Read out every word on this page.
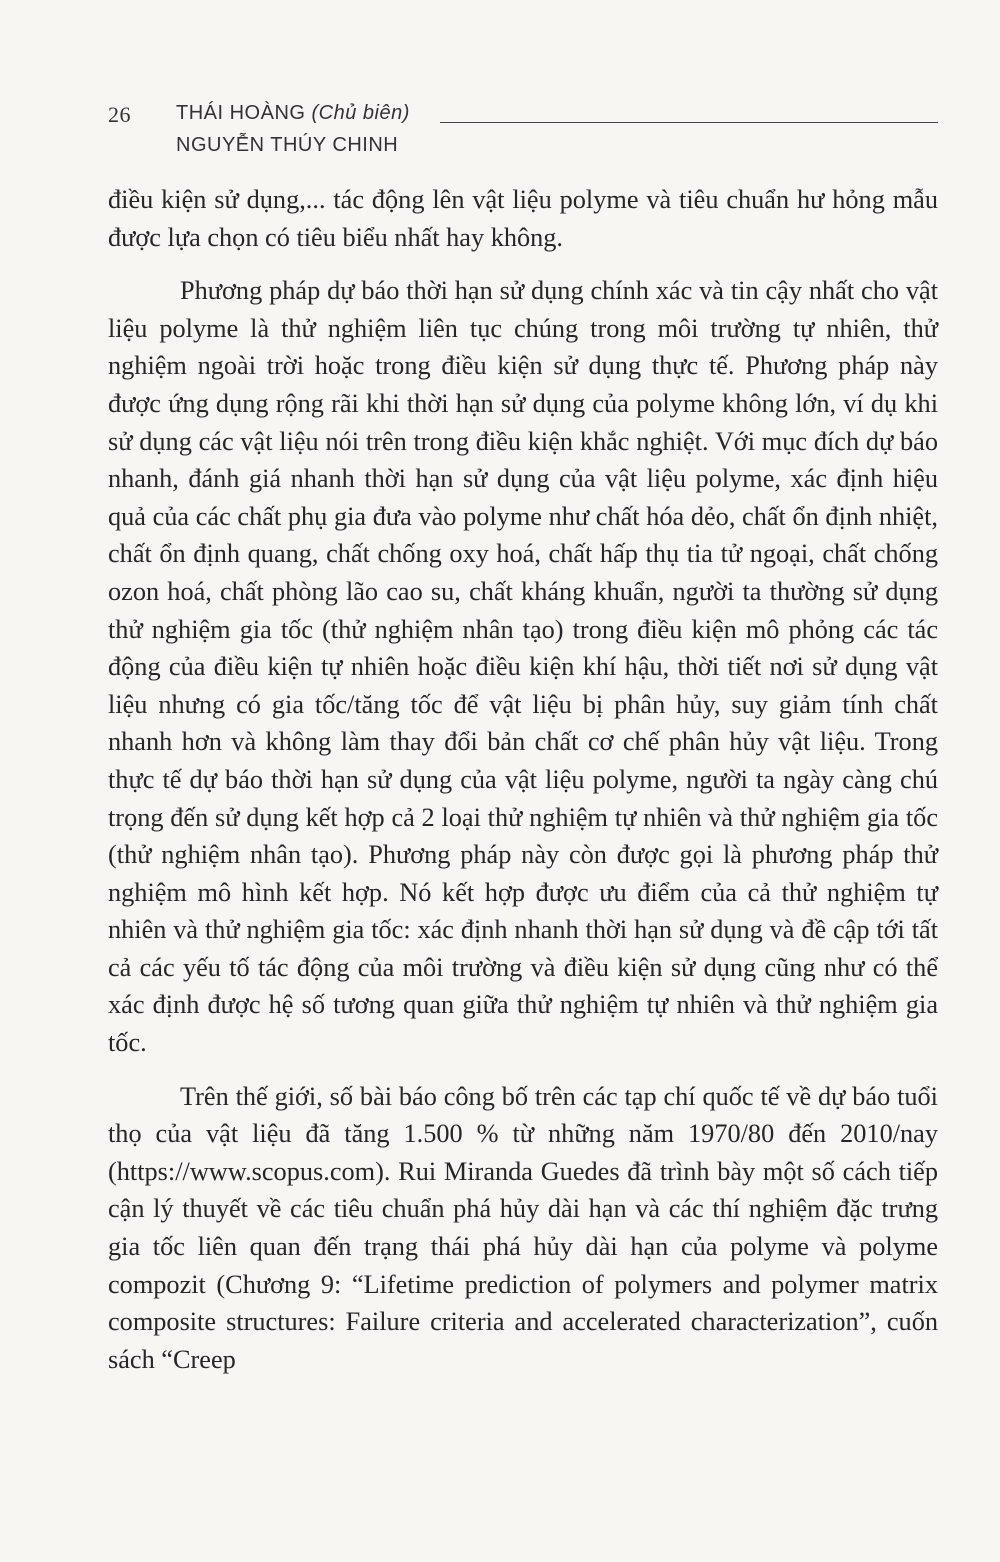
26 THÁI HOÀNG (Chủ biên)
NGUYỄN THÚY CHINH

điều kiện sử dụng,... tác động lên vật liệu polyme và tiêu chuẩn hư hỏng mẫu được lựa chọn có tiêu biểu nhất hay không.

Phương pháp dự báo thời hạn sử dụng chính xác và tin cậy nhất cho vật liệu polyme là thử nghiệm liên tục chúng trong môi trường tự nhiên, thử nghiệm ngoài trời hoặc trong điều kiện sử dụng thực tế. Phương pháp này được ứng dụng rộng rãi khi thời hạn sử dụng của polyme không lớn, ví dụ khi sử dụng các vật liệu nói trên trong điều kiện khắc nghiệt. Với mục đích dự báo nhanh, đánh giá nhanh thời hạn sử dụng của vật liệu polyme, xác định hiệu quả của các chất phụ gia đưa vào polyme như chất hóa dẻo, chất ổn định nhiệt, chất ổn định quang, chất chống oxy hoá, chất hấp thụ tia tử ngoại, chất chống ozon hoá, chất phòng lão cao su, chất kháng khuẩn, người ta thường sử dụng thử nghiệm gia tốc (thử nghiệm nhân tạo) trong điều kiện mô phỏng các tác động của điều kiện tự nhiên hoặc điều kiện khí hậu, thời tiết nơi sử dụng vật liệu nhưng có gia tốc/tăng tốc để vật liệu bị phân hủy, suy giảm tính chất nhanh hơn và không làm thay đổi bản chất cơ chế phân hủy vật liệu. Trong thực tế dự báo thời hạn sử dụng của vật liệu polyme, người ta ngày càng chú trọng đến sử dụng kết hợp cả 2 loại thử nghiệm tự nhiên và thử nghiệm gia tốc (thử nghiệm nhân tạo). Phương pháp này còn được gọi là phương pháp thử nghiệm mô hình kết hợp. Nó kết hợp được ưu điểm của cả thử nghiệm tự nhiên và thử nghiệm gia tốc: xác định nhanh thời hạn sử dụng và đề cập tới tất cả các yếu tố tác động của môi trường và điều kiện sử dụng cũng như có thể xác định được hệ số tương quan giữa thử nghiệm tự nhiên và thử nghiệm gia tốc.

Trên thế giới, số bài báo công bố trên các tạp chí quốc tế về dự báo tuổi thọ của vật liệu đã tăng 1.500 % từ những năm 1970/80 đến 2010/nay (https://www.scopus.com). Rui Miranda Guedes đã trình bày một số cách tiếp cận lý thuyết về các tiêu chuẩn phá hủy dài hạn và các thí nghiệm đặc trưng gia tốc liên quan đến trạng thái phá hủy dài hạn của polyme và polyme compozit (Chương 9: “Lifetime prediction of polymers and polymer matrix composite structures: Failure criteria and accelerated characterization”, cuốn sách “Creep
